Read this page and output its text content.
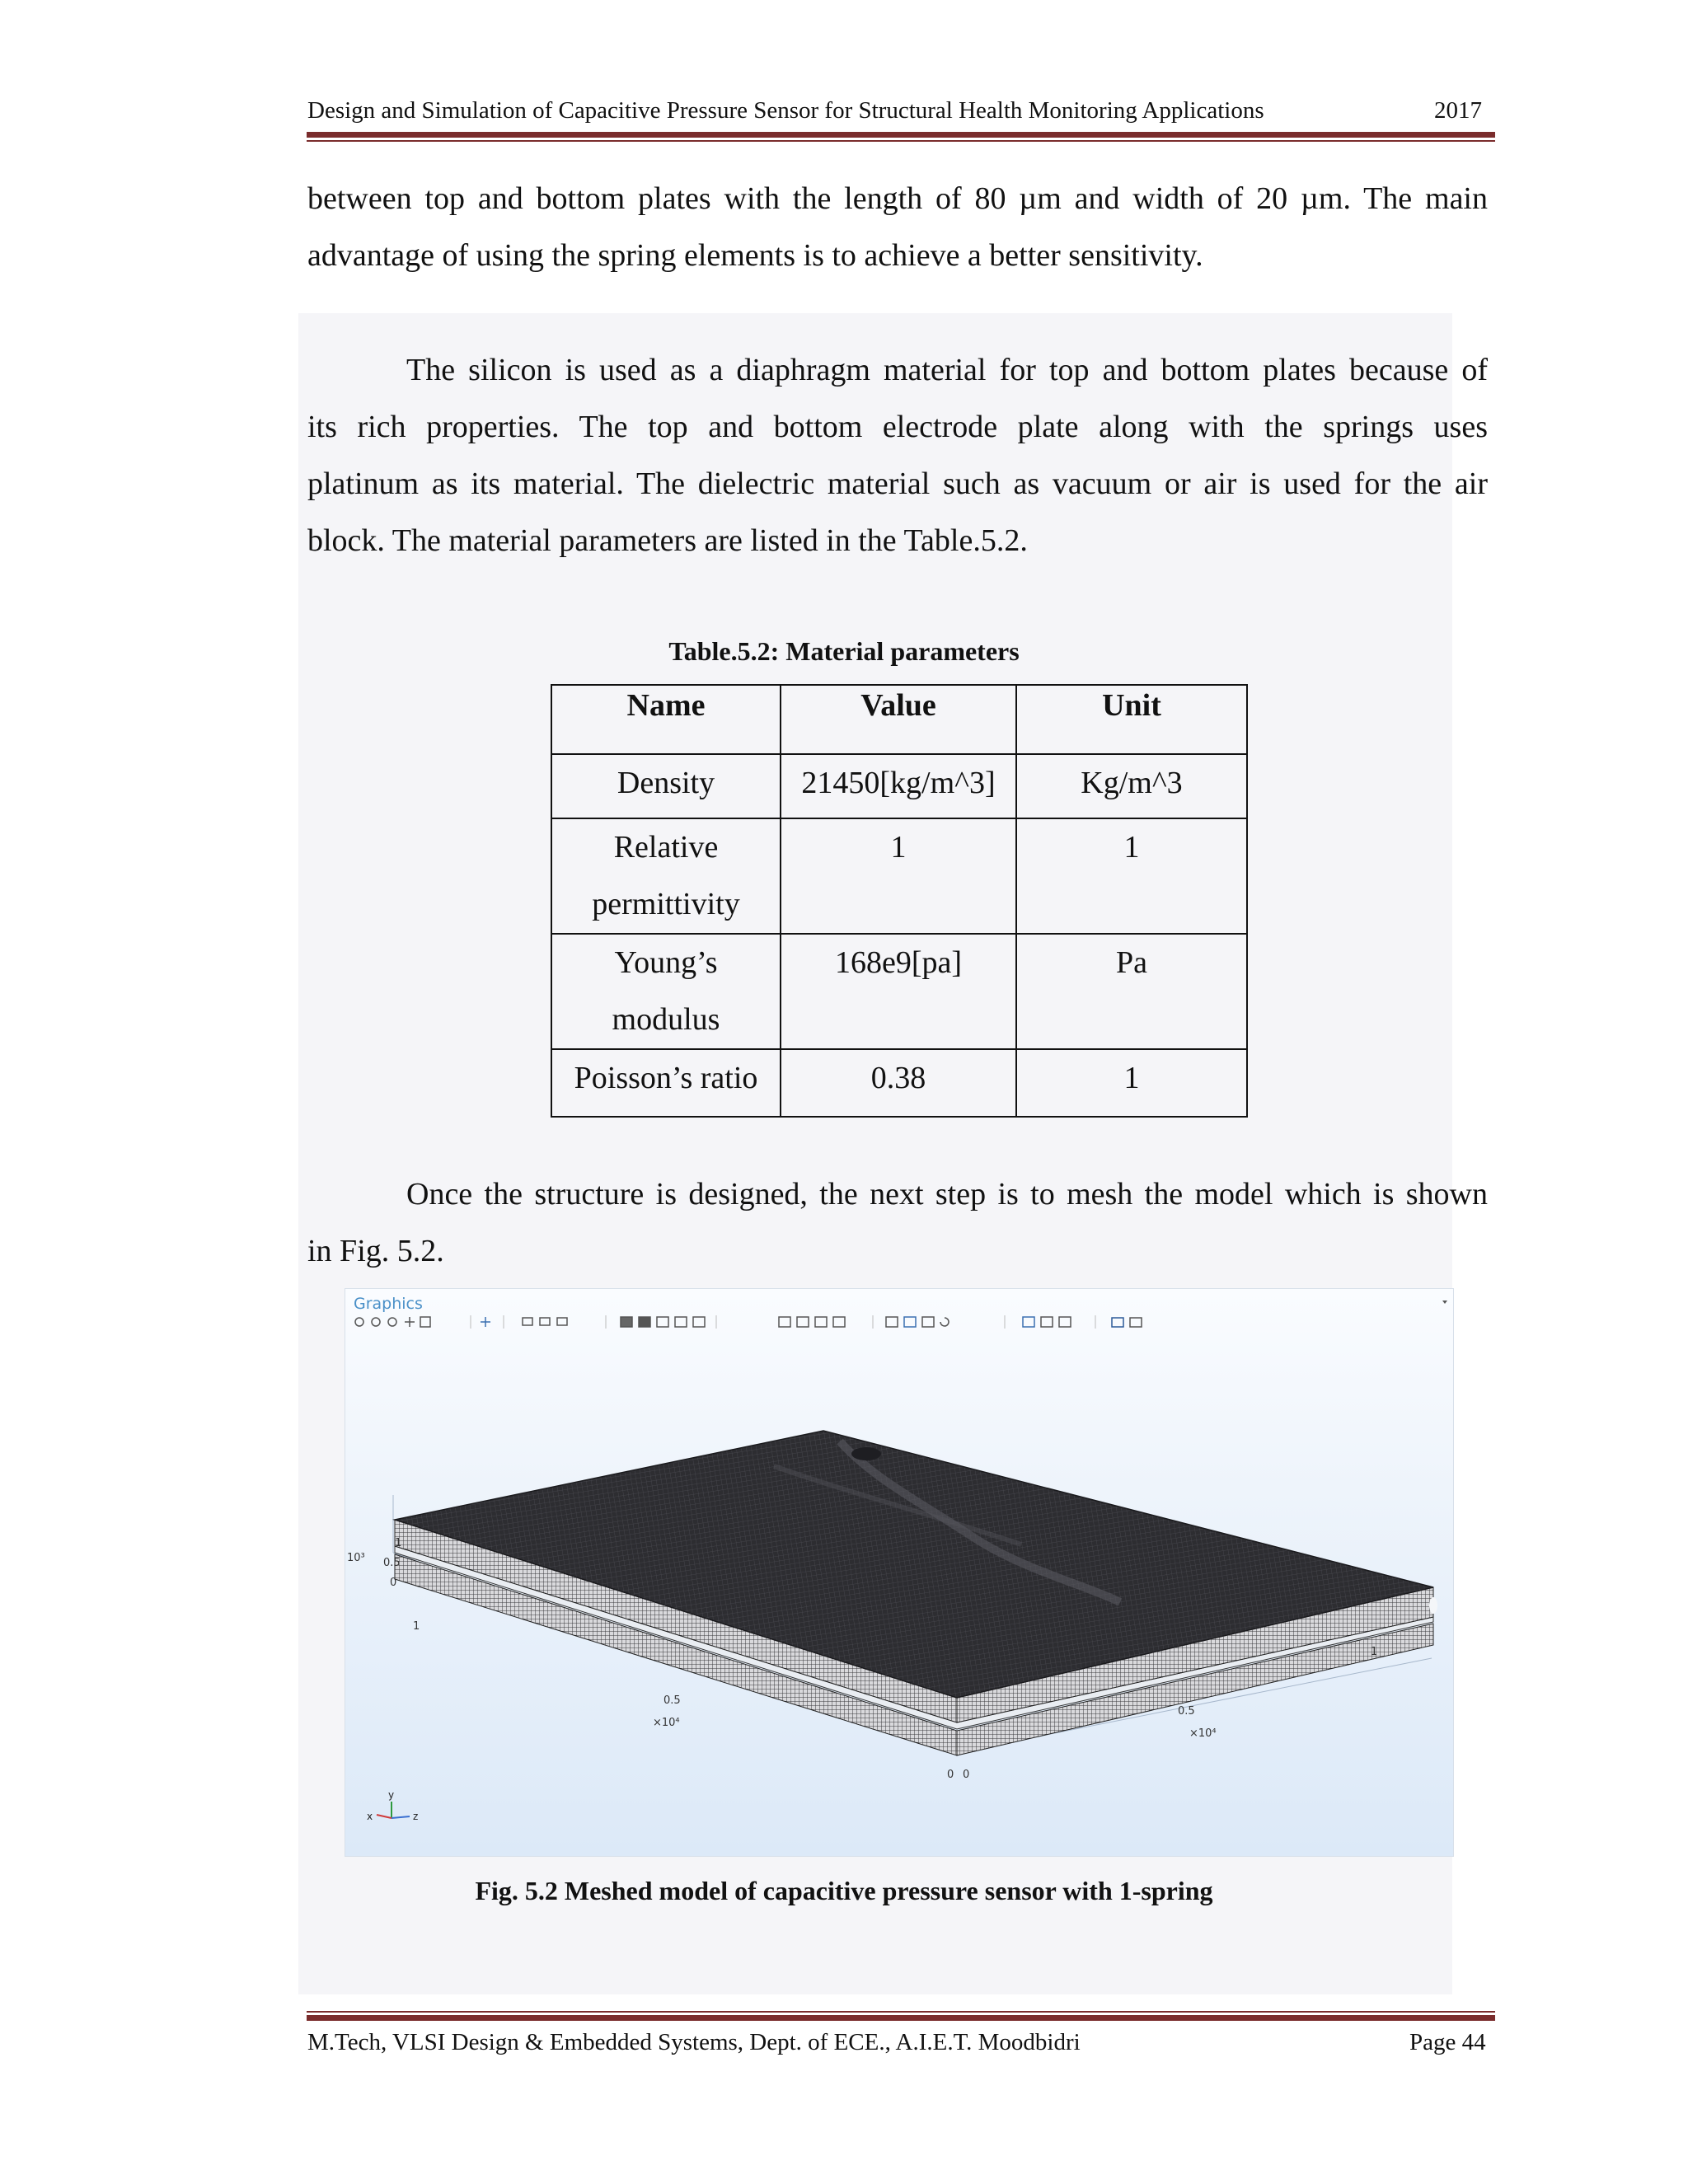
Design and Simulation of Capacitive Pressure Sensor for Structural Health Monitoring Applications	2017
between top and bottom plates with the length of 80 µm and width of 20 µm. The main
advantage of using the spring elements is to achieve a better sensitivity.
The silicon is used as a diaphragm material for top and bottom plates because of
its rich properties. The top and bottom electrode plate along with the springs uses
platinum as its material. The dielectric material such as vacuum or air is used for the air
block. The material parameters are listed in the Table.5.2.
Table.5.2: Material parameters
Name	Value	Unit
Density	21450[kg/m^3]	Kg/m^3
Relative
permittivity	1	1
Young’s
modulus	168e9[pa]	Pa
Poisson’s ratio	0.38	1
Once the structure is designed, the next step is to mesh the model which is shown
in Fig. 5.2.
Graphics
10³
1
0.5
0
1
0.5
×10⁴
0
1
0.5
×10⁴
0
y
x	z
Fig. 5.2 Meshed model of capacitive pressure sensor with 1-spring
M.Tech, VLSI Design & Embedded Systems, Dept. of ECE., A.I.E.T. Moodbidri	Page 44
